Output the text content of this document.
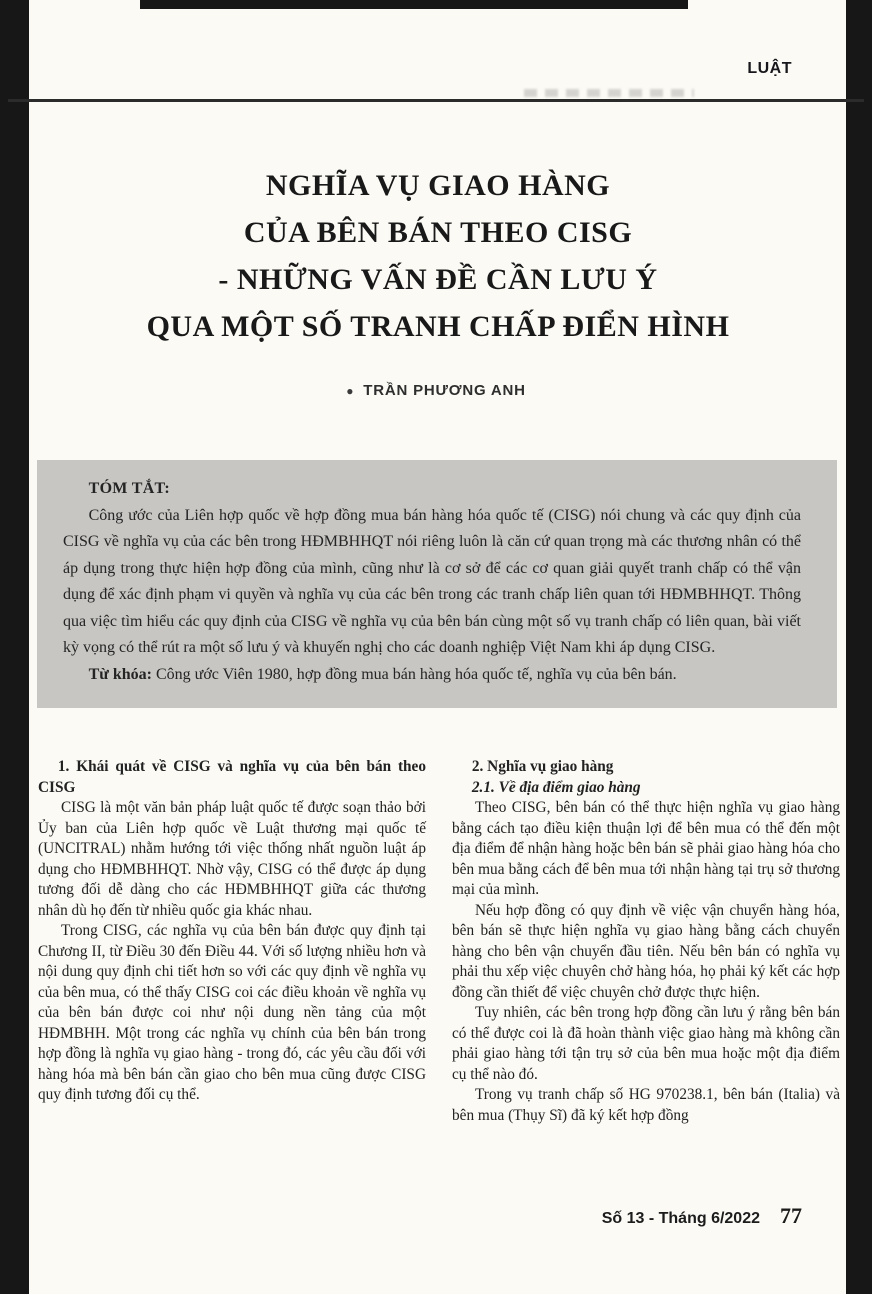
LUẬT
NGHĨA VỤ GIAO HÀNG
CỦA BÊN BÁN THEO CISG
- NHỮNG VẤN ĐỀ CẦN LƯU Ý
QUA MỘT SỐ TRANH CHẤP ĐIỂN HÌNH
● TRẦN PHƯƠNG ANH
TÓM TẮT:

Công ước của Liên hợp quốc về hợp đồng mua bán hàng hóa quốc tế (CISG) nói chung và các quy định của CISG về nghĩa vụ của các bên trong HĐMBHHQT nói riêng luôn là căn cứ quan trọng mà các thương nhân có thể áp dụng trong thực hiện hợp đồng của mình, cũng như là cơ sở để các cơ quan giải quyết tranh chấp có thể vận dụng để xác định phạm vi quyền và nghĩa vụ của các bên trong các tranh chấp liên quan tới HĐMBHHQT. Thông qua việc tìm hiểu các quy định của CISG về nghĩa vụ của bên bán cùng một số vụ tranh chấp có liên quan, bài viết kỳ vọng có thể rút ra một số lưu ý và khuyến nghị cho các doanh nghiệp Việt Nam khi áp dụng CISG.

Từ khóa: Công ước Viên 1980, hợp đồng mua bán hàng hóa quốc tế, nghĩa vụ của bên bán.

1. Khái quát về CISG và nghĩa vụ của bên bán theo CISG

CISG là một văn bản pháp luật quốc tế được soạn thảo bởi Ủy ban của Liên hợp quốc về Luật thương mại quốc tế (UNCITRAL) nhằm hướng tới việc thống nhất nguồn luật áp dụng cho HĐMBHHQT. Nhờ vậy, CISG có thể được áp dụng tương đối dễ dàng cho các HĐMBHHQT giữa các thương nhân dù họ đến từ nhiều quốc gia khác nhau.

Trong CISG, các nghĩa vụ của bên bán được quy định tại Chương II, từ Điều 30 đến Điều 44. Với số lượng nhiều hơn và nội dung quy định chi tiết hơn so với các quy định về nghĩa vụ của bên mua, có thể thấy CISG coi các điều khoản về nghĩa vụ của bên bán được coi như nội dung nền tảng của một HĐMBHH. Một trong các nghĩa vụ chính của bên bán trong hợp đồng là nghĩa vụ giao hàng - trong đó, các yêu cầu đối với hàng hóa mà bên bán cần giao cho bên mua cũng được CISG quy định tương đối cụ thể.

2. Nghĩa vụ giao hàng
2.1. Về địa điểm giao hàng

Theo CISG, bên bán có thể thực hiện nghĩa vụ giao hàng bằng cách tạo điều kiện thuận lợi để bên mua có thể đến một địa điểm để nhận hàng hoặc bên bán sẽ phải giao hàng hóa cho bên mua bằng cách để bên mua tới nhận hàng tại trụ sở thương mại của mình.

Nếu hợp đồng có quy định về việc vận chuyển hàng hóa, bên bán sẽ thực hiện nghĩa vụ giao hàng bằng cách chuyển hàng cho bên vận chuyển đầu tiên. Nếu bên bán có nghĩa vụ phải thu xếp việc chuyên chở hàng hóa, họ phải ký kết các hợp đồng cần thiết để việc chuyên chở được thực hiện.

Tuy nhiên, các bên trong hợp đồng cần lưu ý rằng bên bán có thể được coi là đã hoàn thành việc giao hàng mà không cần phải giao hàng tới tận trụ sở của bên mua hoặc một địa điểm cụ thể nào đó.

Trong vụ tranh chấp số HG 970238.1, bên bán (Italia) và bên mua (Thụy Sĩ) đã ký kết hợp đồng

Số 13 - Tháng 6/2022 77
